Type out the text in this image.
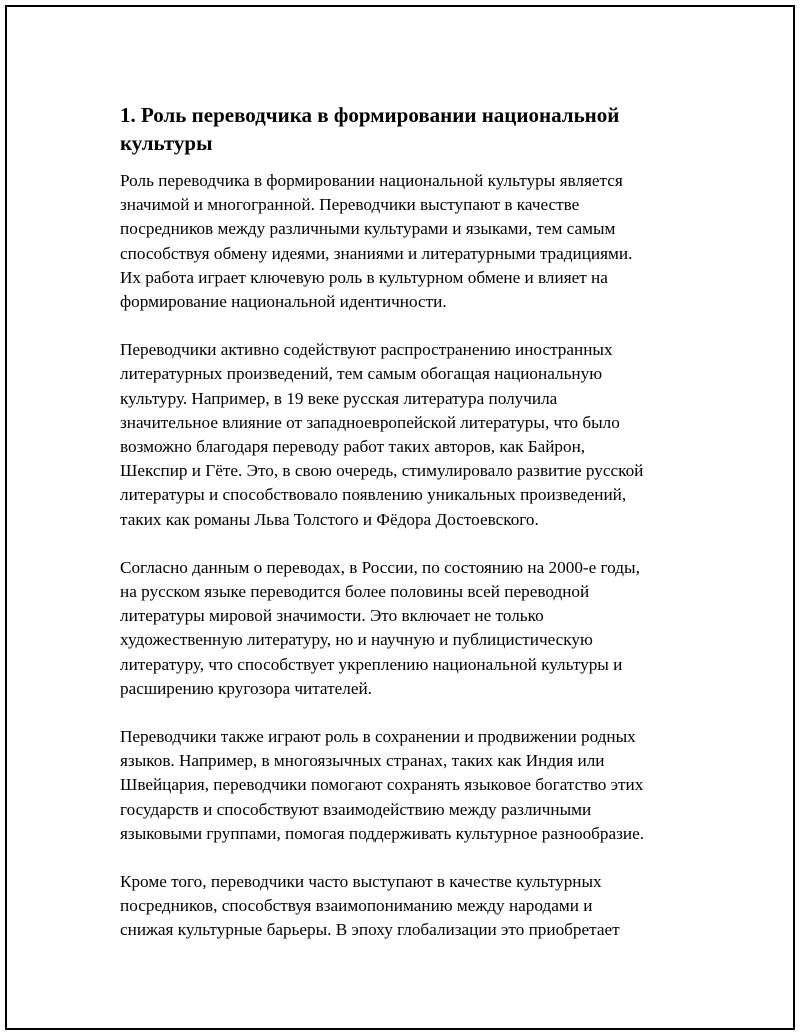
1. Роль переводчика в формировании национальной
культуры

Роль переводчика в формировании национальной культуры является
значимой и многогранной. Переводчики выступают в качестве
посредников между различными культурами и языками, тем самым
способствуя обмену идеями, знаниями и литературными традициями.
Их работа играет ключевую роль в культурном обмене и влияет на
формирование национальной идентичности.

Переводчики активно содействуют распространению иностранных
литературных произведений, тем самым обогащая национальную
культуру. Например, в 19 веке русская литература получила
значительное влияние от западноевропейской литературы, что было
возможно благодаря переводу работ таких авторов, как Байрон,
Шекспир и Гёте. Это, в свою очередь, стимулировало развитие русской
литературы и способствовало появлению уникальных произведений,
таких как романы Льва Толстого и Фёдора Достоевского.

Согласно данным о переводах, в России, по состоянию на 2000-е годы,
на русском языке переводится более половины всей переводной
литературы мировой значимости. Это включает не только
художественную литературу, но и научную и публицистическую
литературу, что способствует укреплению национальной культуры и
расширению кругозора читателей.

Переводчики также играют роль в сохранении и продвижении родных
языков. Например, в многоязычных странах, таких как Индия или
Швейцария, переводчики помогают сохранять языковое богатство этих
государств и способствуют взаимодействию между различными
языковыми группами, помогая поддерживать культурное разнообразие.

Кроме того, переводчики часто выступают в качестве культурных
посредников, способствуя взаимопониманию между народами и
снижая культурные барьеры. В эпоху глобализации это приобретает
